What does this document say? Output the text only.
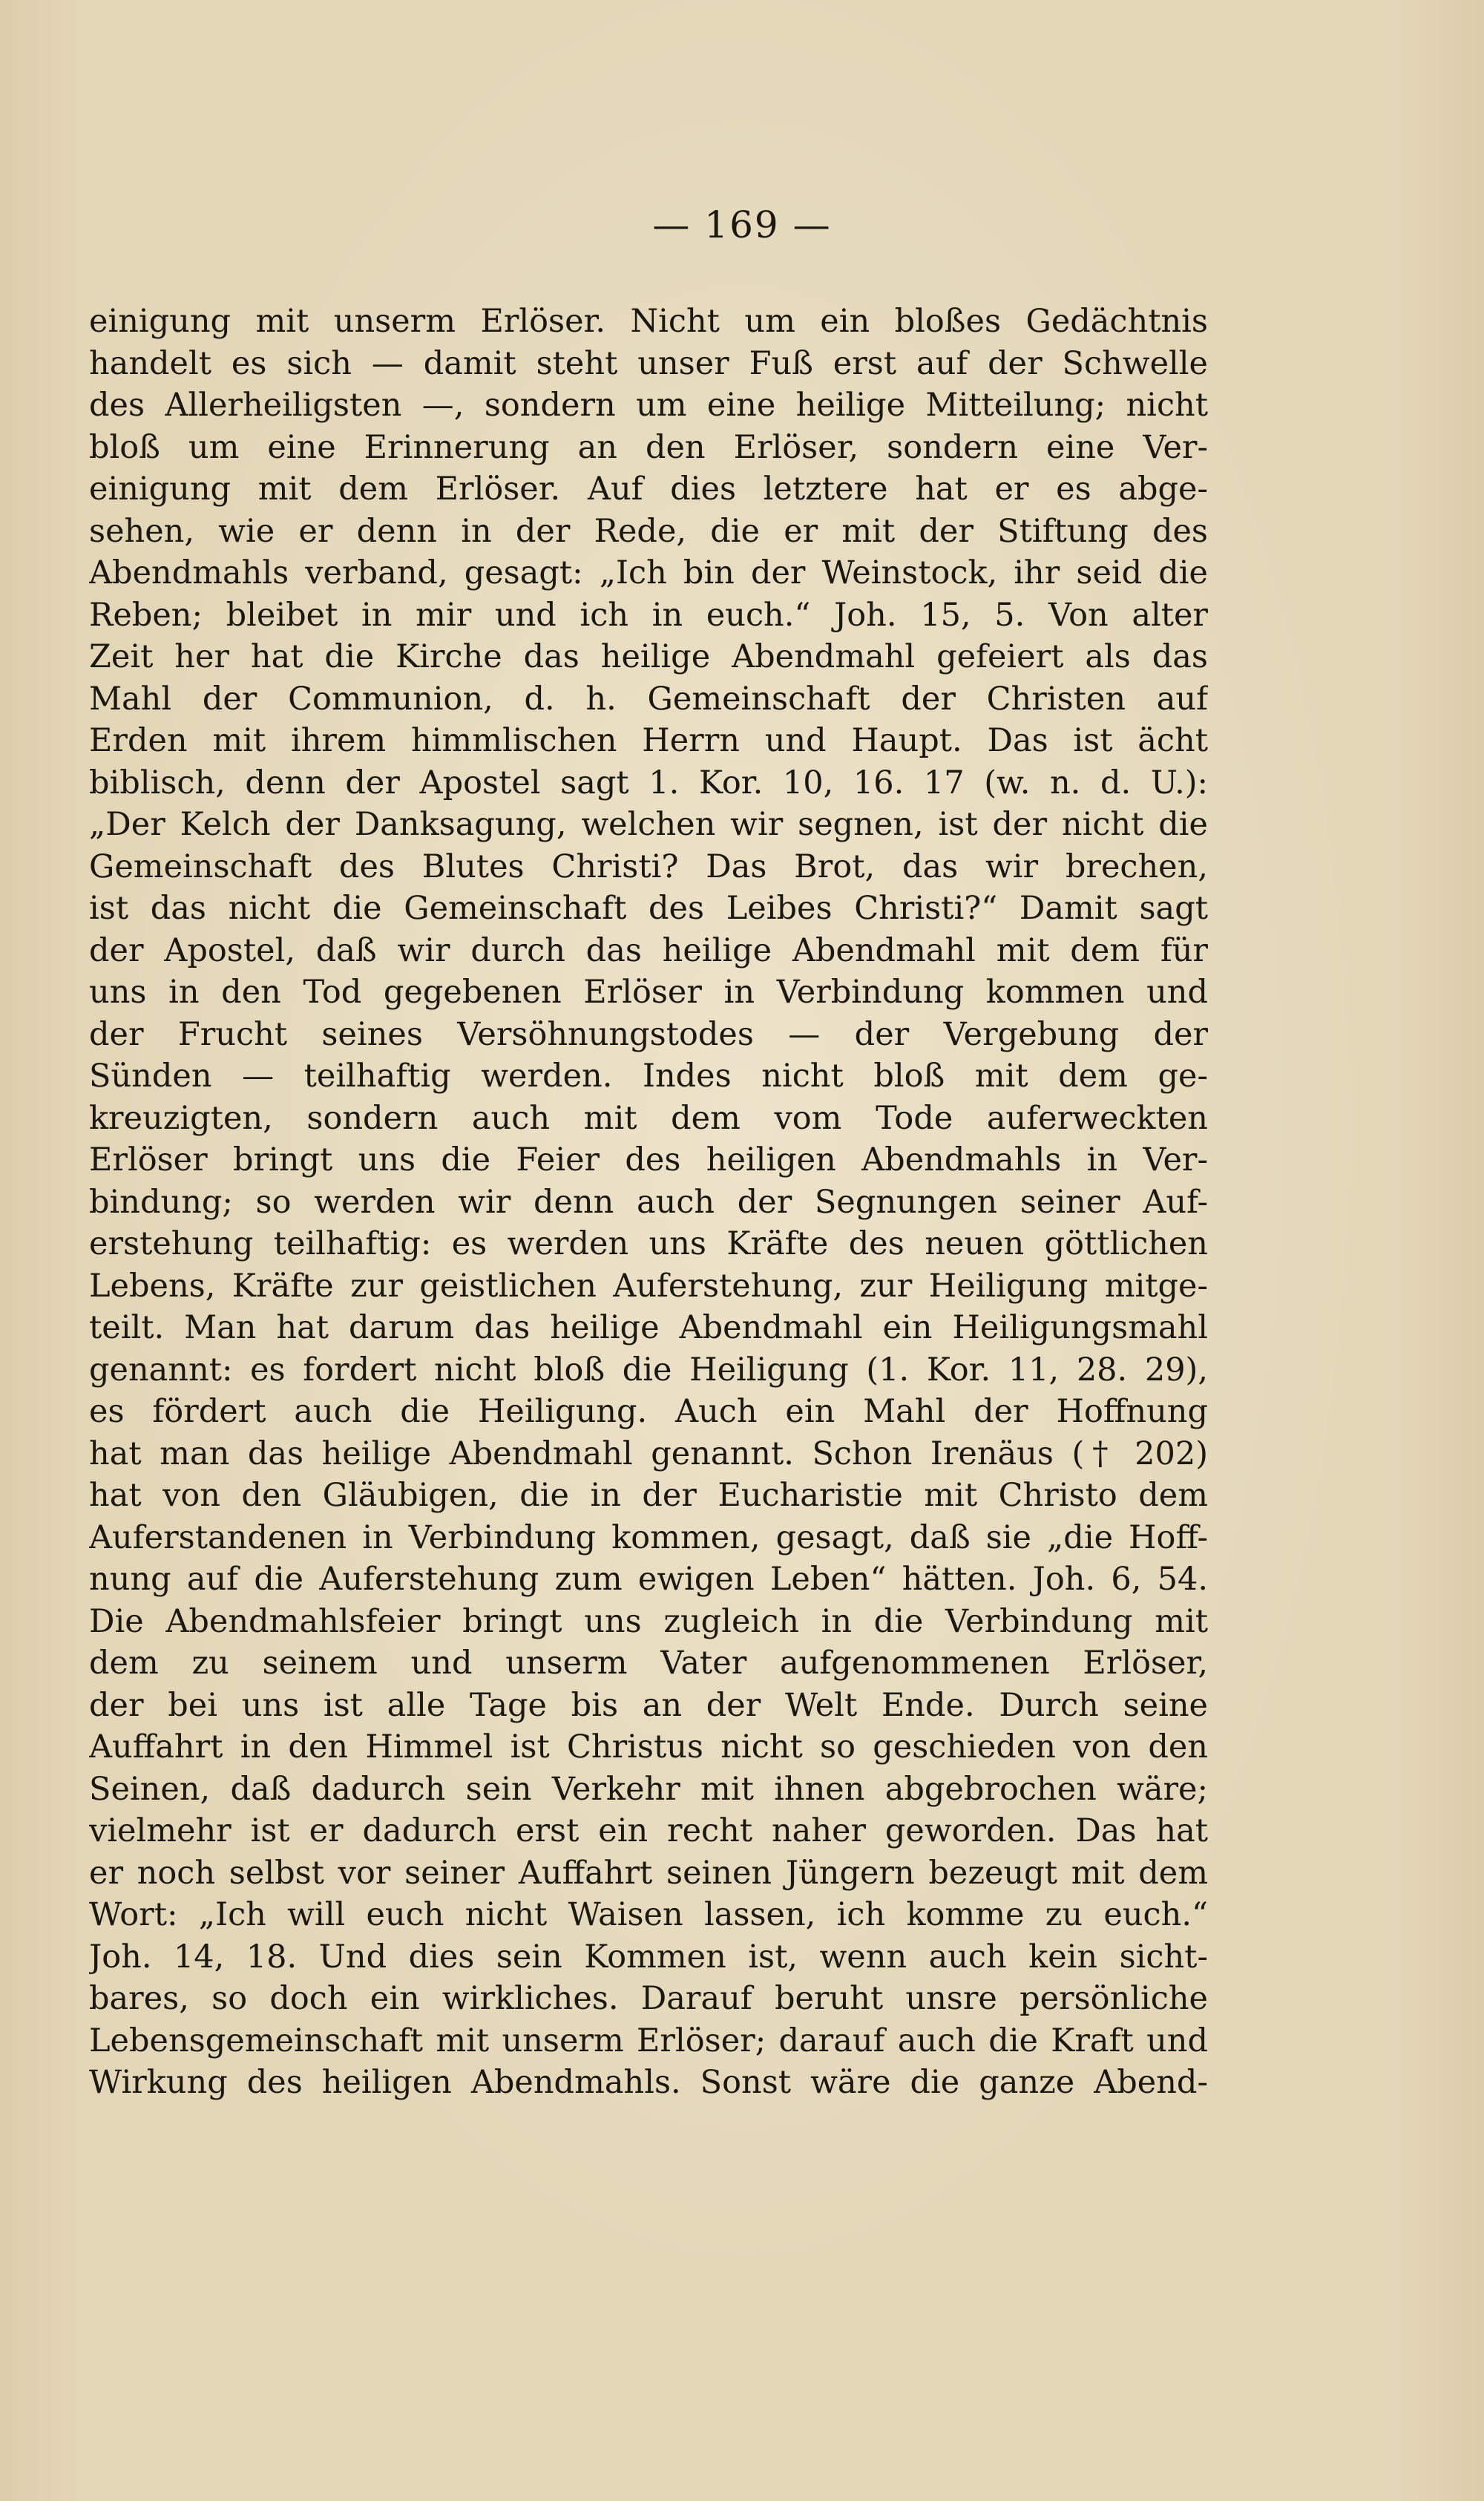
— 169 —
einigung mit unserm Erlöser. Nicht um ein bloßes Gedächtnis
handelt es sich — damit steht unser Fuß erst auf der Schwelle
des Allerheiligsten —, sondern um eine heilige Mitteilung; nicht
bloß um eine Erinnerung an den Erlöser, sondern eine Ver-
einigung mit dem Erlöser. Auf dies letztere hat er es abge-
sehen, wie er denn in der Rede, die er mit der Stiftung des
Abendmahls verband, gesagt: „Ich bin der Weinstock, ihr seid die
Reben; bleibet in mir und ich in euch.“ Joh. 15, 5. Von alter
Zeit her hat die Kirche das heilige Abendmahl gefeiert als das
Mahl der Communion, d. h. Gemeinschaft der Christen auf
Erden mit ihrem himmlischen Herrn und Haupt. Das ist ächt
biblisch, denn der Apostel sagt 1. Kor. 10, 16. 17 (w. n. d. U.):
„Der Kelch der Danksagung, welchen wir segnen, ist der nicht die
Gemeinschaft des Blutes Christi? Das Brot, das wir brechen,
ist das nicht die Gemeinschaft des Leibes Christi?“ Damit sagt
der Apostel, daß wir durch das heilige Abendmahl mit dem für
uns in den Tod gegebenen Erlöser in Verbindung kommen und
der Frucht seines Versöhnungstodes — der Vergebung der
Sünden — teilhaftig werden. Indes nicht bloß mit dem ge-
kreuzigten, sondern auch mit dem vom Tode auferweckten
Erlöser bringt uns die Feier des heiligen Abendmahls in Ver-
bindung; so werden wir denn auch der Segnungen seiner Auf-
erstehung teilhaftig: es werden uns Kräfte des neuen göttlichen
Lebens, Kräfte zur geistlichen Auferstehung, zur Heiligung mitge-
teilt. Man hat darum das heilige Abendmahl ein Heiligungsmahl
genannt: es fordert nicht bloß die Heiligung (1. Kor. 11, 28. 29),
es fördert auch die Heiligung. Auch ein Mahl der Hoffnung
hat man das heilige Abendmahl genannt. Schon Irenäus († 202)
hat von den Gläubigen, die in der Eucharistie mit Christo dem
Auferstandenen in Verbindung kommen, gesagt, daß sie „die Hoff-
nung auf die Auferstehung zum ewigen Leben“ hätten. Joh. 6, 54.
Die Abendmahlsfeier bringt uns zugleich in die Verbindung mit
dem zu seinem und unserm Vater aufgenommenen Erlöser,
der bei uns ist alle Tage bis an der Welt Ende. Durch seine
Auffahrt in den Himmel ist Christus nicht so geschieden von den
Seinen, daß dadurch sein Verkehr mit ihnen abgebrochen wäre;
vielmehr ist er dadurch erst ein recht naher geworden. Das hat
er noch selbst vor seiner Auffahrt seinen Jüngern bezeugt mit dem
Wort: „Ich will euch nicht Waisen lassen, ich komme zu euch.“
Joh. 14, 18. Und dies sein Kommen ist, wenn auch kein sicht-
bares, so doch ein wirkliches. Darauf beruht unsre persönliche
Lebensgemeinschaft mit unserm Erlöser; darauf auch die Kraft und
Wirkung des heiligen Abendmahls. Sonst wäre die ganze Abend-
